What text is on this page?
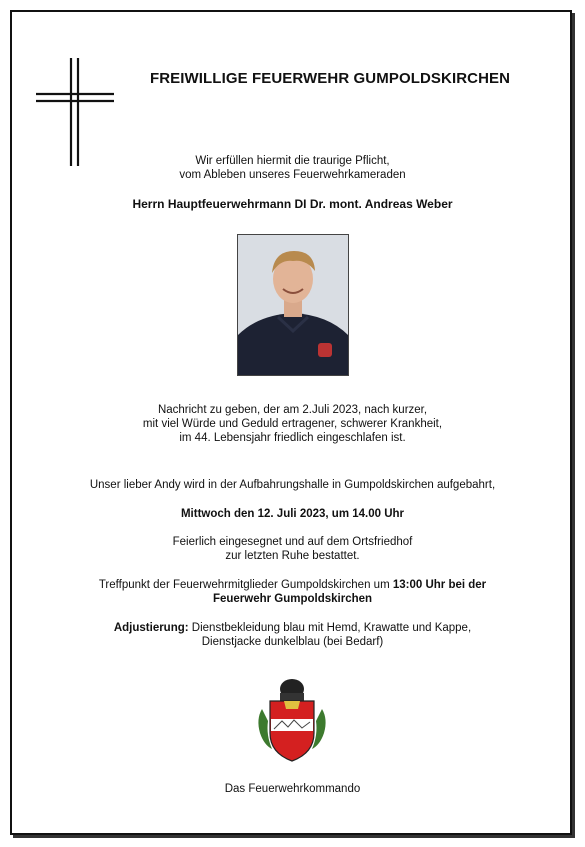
FREIWILLIGE FEUERWEHR GUMPOLDSKIRCHEN
Wir erfüllen hiermit die traurige Pflicht,
vom Ableben unseres Feuerwehrkameraden
Herrn Hauptfeuerwehrmann DI Dr. mont. Andreas Weber
Nachricht zu geben, der am 2.Juli 2023, nach kurzer,
mit viel Würde und Geduld ertragener, schwerer Krankheit,
im 44. Lebensjahr friedlich eingeschlafen ist.
Unser lieber Andy wird in der Aufbahrungshalle in Gumpoldskirchen aufgebahrt,
Mittwoch den 12. Juli 2023, um 14.00 Uhr
Feierlich eingesegnet und auf dem Ortsfriedhof
zur letzten Ruhe bestattet.
Treffpunkt der Feuerwehrmitglieder Gumpoldskirchen um 13:00 Uhr bei der
Feuerwehr Gumpoldskirchen
Adjustierung: Dienstbekleidung blau mit Hemd, Krawatte und Kappe,
Dienstjacke dunkelblau (bei Bedarf)
Das Feuerwehrkommando
